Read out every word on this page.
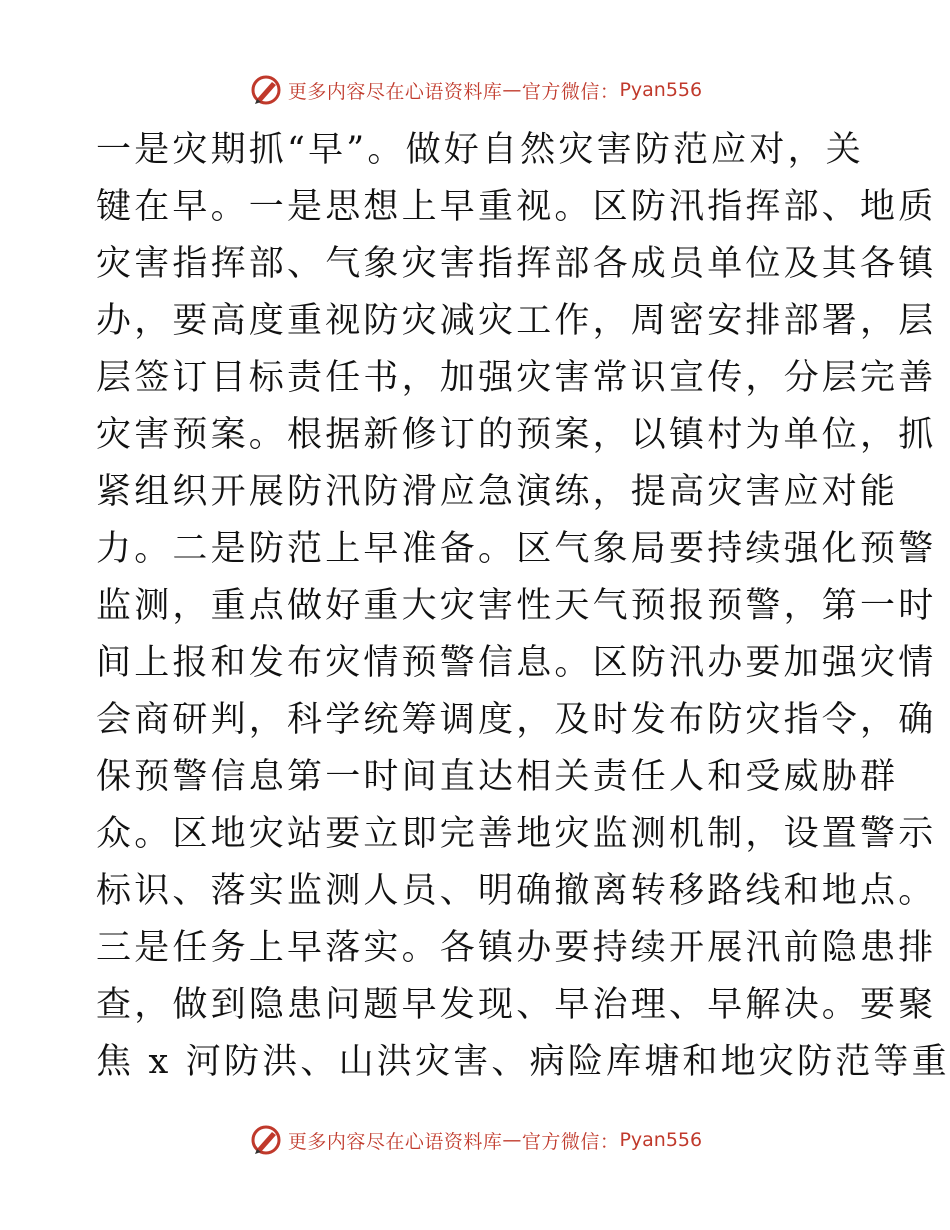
更多内容尽在心语资料库 — 官方微信： Pyan556
一是灾期抓“早”。做好自然灾害防范应对，关
键在早。一是思想上早重视。区防汛指挥部、地质
灾害指挥部、气象灾害指挥部各成员单位及其各镇
办，要高度重视防灾减灾工作，周密安排部署，层
层签订目标责任书，加强灾害常识宣传，分层完善
灾害预案。根据新修订的预案，以镇村为单位，抓
紧组织开展防汛防滑应急演练，提高灾害应对能
力。二是防范上早准备。区气象局要持续强化预警
监测，重点做好重大灾害性天气预报预警，第一时
间上报和发布灾情预警信息。区防汛办要加强灾情
会商研判，科学统筹调度，及时发布防灾指令，确
保预警信息第一时间直达相关责任人和受威胁群
众。区地灾站要立即完善地灾监测机制，设置警示
标识、落实监测人员、明确撤离转移路线和地点。
三是任务上早落实。各镇办要持续开展汛前隐患排
查，做到隐患问题早发现、早治理、早解决。要聚
焦 x 河防洪、山洪灾害、病险库塘和地灾防范等重
更多内容尽在心语资料库 — 官方微信： Pyan556
